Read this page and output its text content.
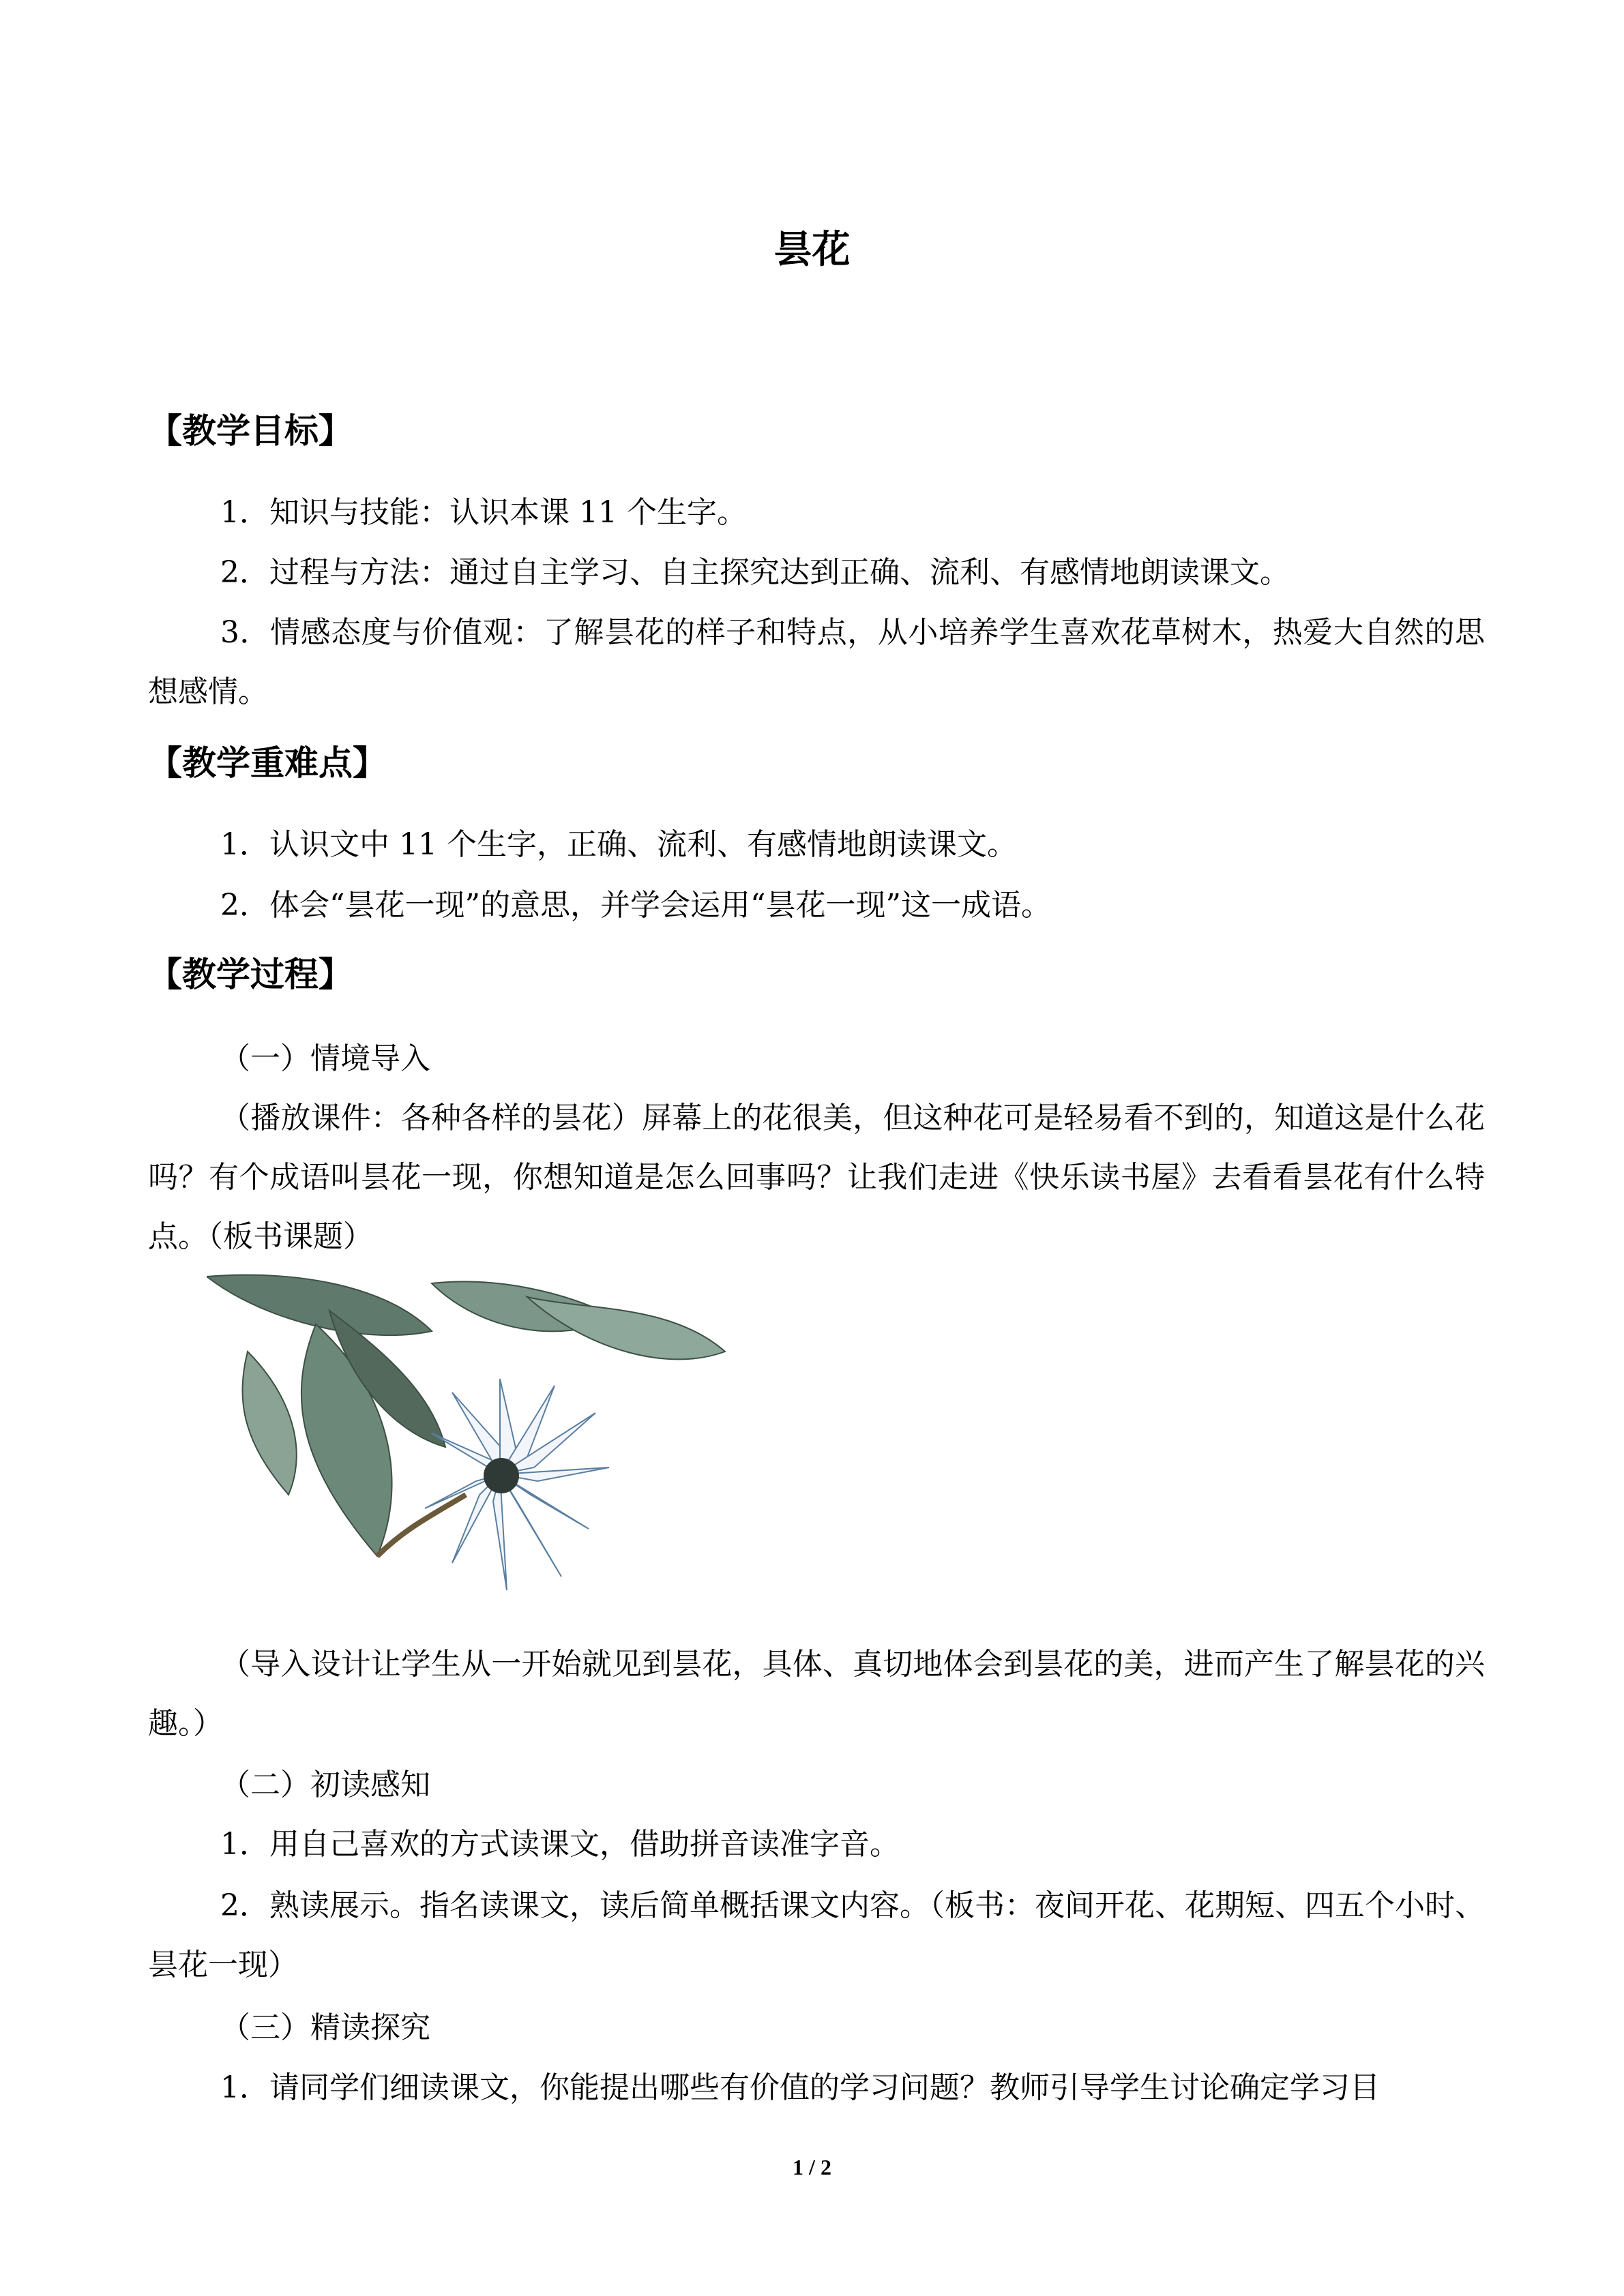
昙花
【教学目标】
1．知识与技能：认识本课 11 个生字。
2．过程与方法：通过自主学习、自主探究达到正确、流利、有感情地朗读课文。
3．情感态度与价值观：了解昙花的样子和特点，从小培养学生喜欢花草树木，热爱大自然的思想感情。
【教学重难点】
1．认识文中 11 个生字，正确、流利、有感情地朗读课文。
2．体会“昙花一现”的意思，并学会运用“昙花一现”这一成语。
【教学过程】
（一）情境导入
（播放课件：各种各样的昙花）屏幕上的花很美，但这种花可是轻易看不到的，知道这是什么花吗？有个成语叫昙花一现，你想知道是怎么回事吗？让我们走进《快乐读书屋》去看看昙花有什么特点。（板书课题）
（导入设计让学生从一开始就见到昙花，具体、真切地体会到昙花的美，进而产生了解昙花的兴趣。）
（二）初读感知
1．用自己喜欢的方式读课文，借助拼音读准字音。
2．熟读展示。指名读课文，读后简单概括课文内容。（板书：夜间开花、花期短、四五个小时、昙花一现）
（三）精读探究
1．请同学们细读课文，你能提出哪些有价值的学习问题？教师引导学生讨论确定学习目
1 / 2
